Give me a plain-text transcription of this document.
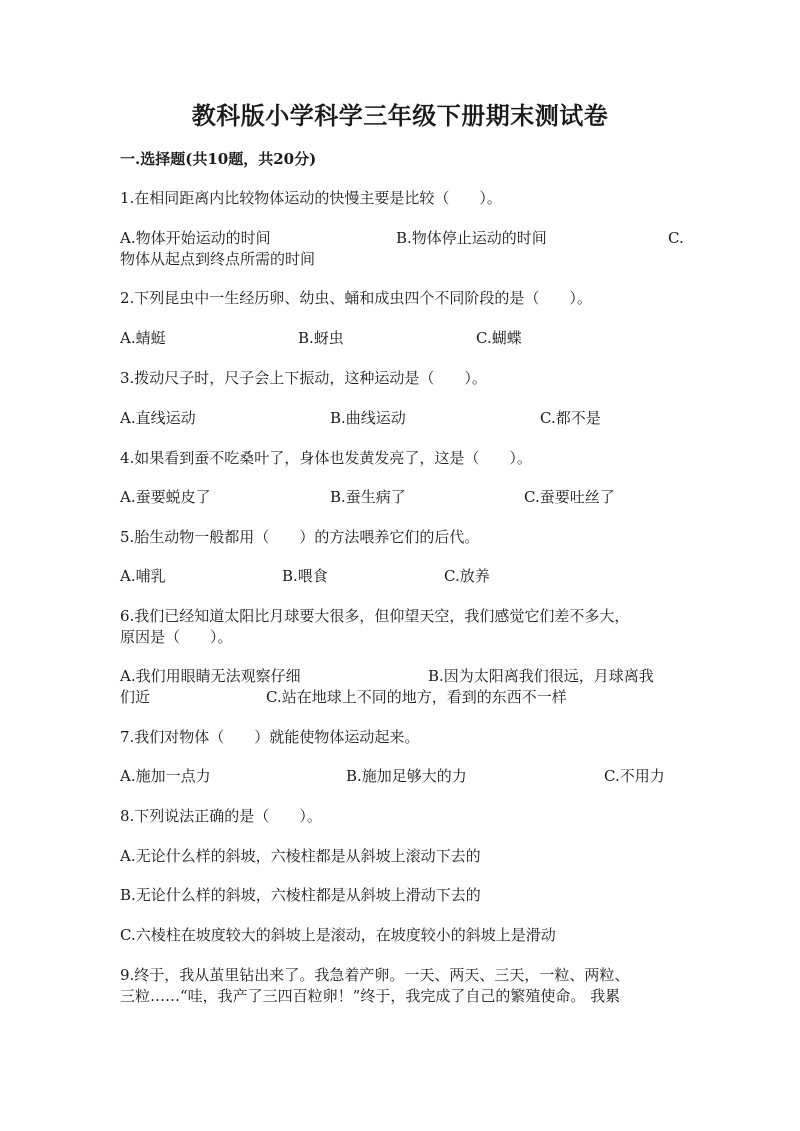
教科版小学科学三年级下册期末测试卷
一.选择题(共10题，共20分)
1.在相同距离内比较物体运动的快慢主要是比较（　　）。
A.物体开始运动的时间	B.物体停止运动的时间	C.
物体从起点到终点所需的时间
2.下列昆虫中一生经历卵、幼虫、蛹和成虫四个不同阶段的是（　　）。
A.蜻蜓	B.蚜虫	C.蝴蝶
3.拨动尺子时，尺子会上下振动，这种运动是（　　）。
A.直线运动	B.曲线运动	C.都不是
4.如果看到蚕不吃桑叶了，身体也发黄发亮了，这是（　　）。
A.蚕要蜕皮了	B.蚕生病了	C.蚕要吐丝了
5.胎生动物一般都用（　　）的方法喂养它们的后代。
A.哺乳	B.喂食	C.放养
6.我们已经知道太阳比月球要大很多，但仰望天空，我们感觉它们差不多大，
原因是（　　）。
A.我们用眼睛无法观察仔细	B.因为太阳离我们很远，月球离我
们近	C.站在地球上不同的地方，看到的东西不一样
7.我们对物体（　　）就能使物体运动起来。
A.施加一点力	B.施加足够大的力	C.不用力
8.下列说法正确的是（　　）。
A.无论什么样的斜坡，六棱柱都是从斜坡上滚动下去的
B.无论什么样的斜坡，六棱柱都是从斜坡上滑动下去的
C.六棱柱在坡度较大的斜坡上是滚动，在坡度较小的斜坡上是滑动
9.终于，我从茧里钻出来了。我急着产卵。一天、两天、三天，一粒、两粒、
三粒……“哇，我产了三四百粒卵！”终于，我完成了自己的繁殖使命。 我累
